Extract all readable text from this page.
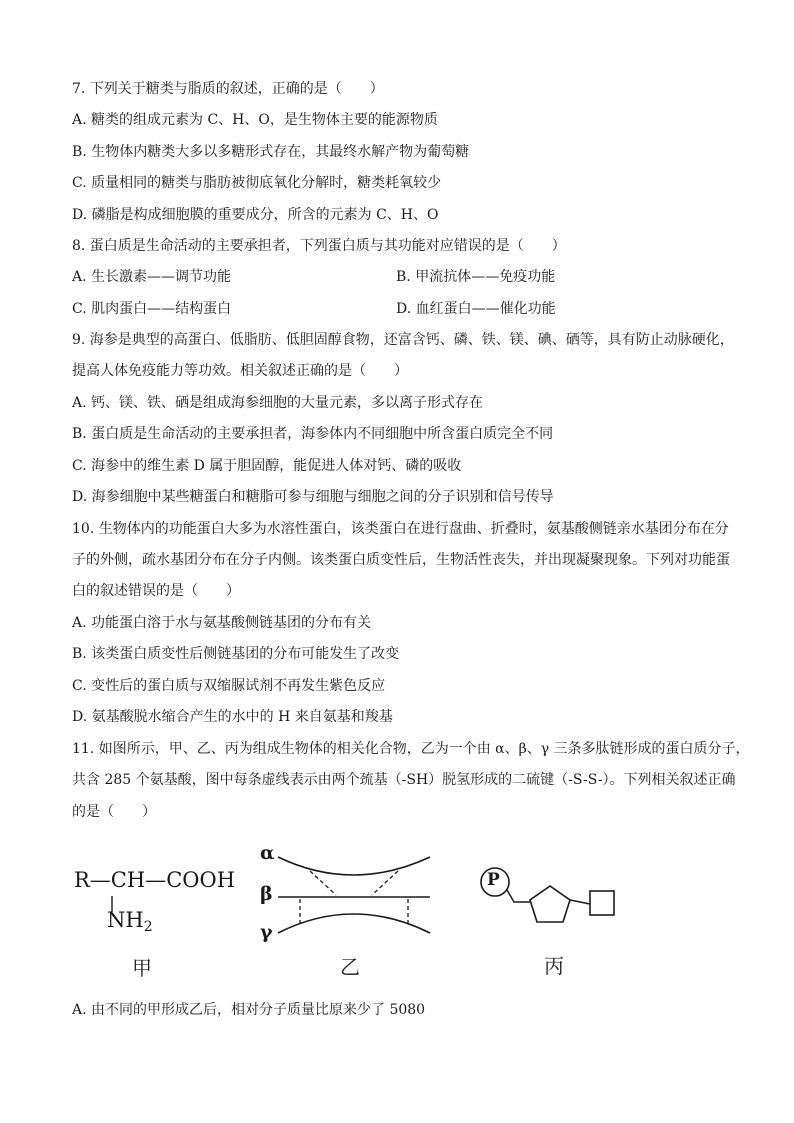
7. 下列关于糖类与脂质的叙述，正确的是（　　）
A. 糖类的组成元素为 C、H、O，是生物体主要的能源物质
B. 生物体内糖类大多以多糖形式存在，其最终水解产物为葡萄糖
C. 质量相同的糖类与脂肪被彻底氧化分解时，糖类耗氧较少
D. 磷脂是构成细胞膜的重要成分，所含的元素为 C、H、O
8. 蛋白质是生命活动的主要承担者，下列蛋白质与其功能对应错误的是（　　）
A. 生长激素——调节功能	B. 甲流抗体——免疫功能
C. 肌肉蛋白——结构蛋白	D. 血红蛋白——催化功能
9. 海参是典型的高蛋白、低脂肪、低胆固醇食物，还富含钙、磷、铁、镁、碘、硒等，具有防止动脉硬化，
提高人体免疫能力等功效。相关叙述正确的是（　　）
A. 钙、镁、铁、硒是组成海参细胞的大量元素，多以离子形式存在
B. 蛋白质是生命活动的主要承担者，海参体内不同细胞中所含蛋白质完全不同
C. 海参中的维生素 D 属于胆固醇，能促进人体对钙、磷的吸收
D. 海参细胞中某些糖蛋白和糖脂可参与细胞与细胞之间的分子识别和信号传导
10. 生物体内的功能蛋白大多为水溶性蛋白，该类蛋白在进行盘曲、折叠时，氨基酸侧链亲水基团分布在分
子的外侧，疏水基团分布在分子内侧。该类蛋白质变性后，生物活性丧失，并出现凝聚现象。下列对功能蛋
白的叙述错误的是（　　）
A. 功能蛋白溶于水与氨基酸侧链基团的分布有关
B. 该类蛋白质变性后侧链基团的分布可能发生了改变
C. 变性后的蛋白质与双缩脲试剂不再发生紫色反应
D. 氨基酸脱水缩合产生的水中的 H 来自氨基和羧基
11. 如图所示，甲、乙、丙为组成生物体的相关化合物，乙为一个由 α、β、γ 三条多肽链形成的蛋白质分子，
共含 285 个氨基酸，图中每条虚线表示由两个巯基（-SH）脱氢形成的二硫键（-S-S-）。下列相关叙述正确
的是（　　）
R—CH—COOH
NH2
甲
α
β
γ
乙
P
丙
A. 由不同的甲形成乙后，相对分子质量比原来少了 5080
